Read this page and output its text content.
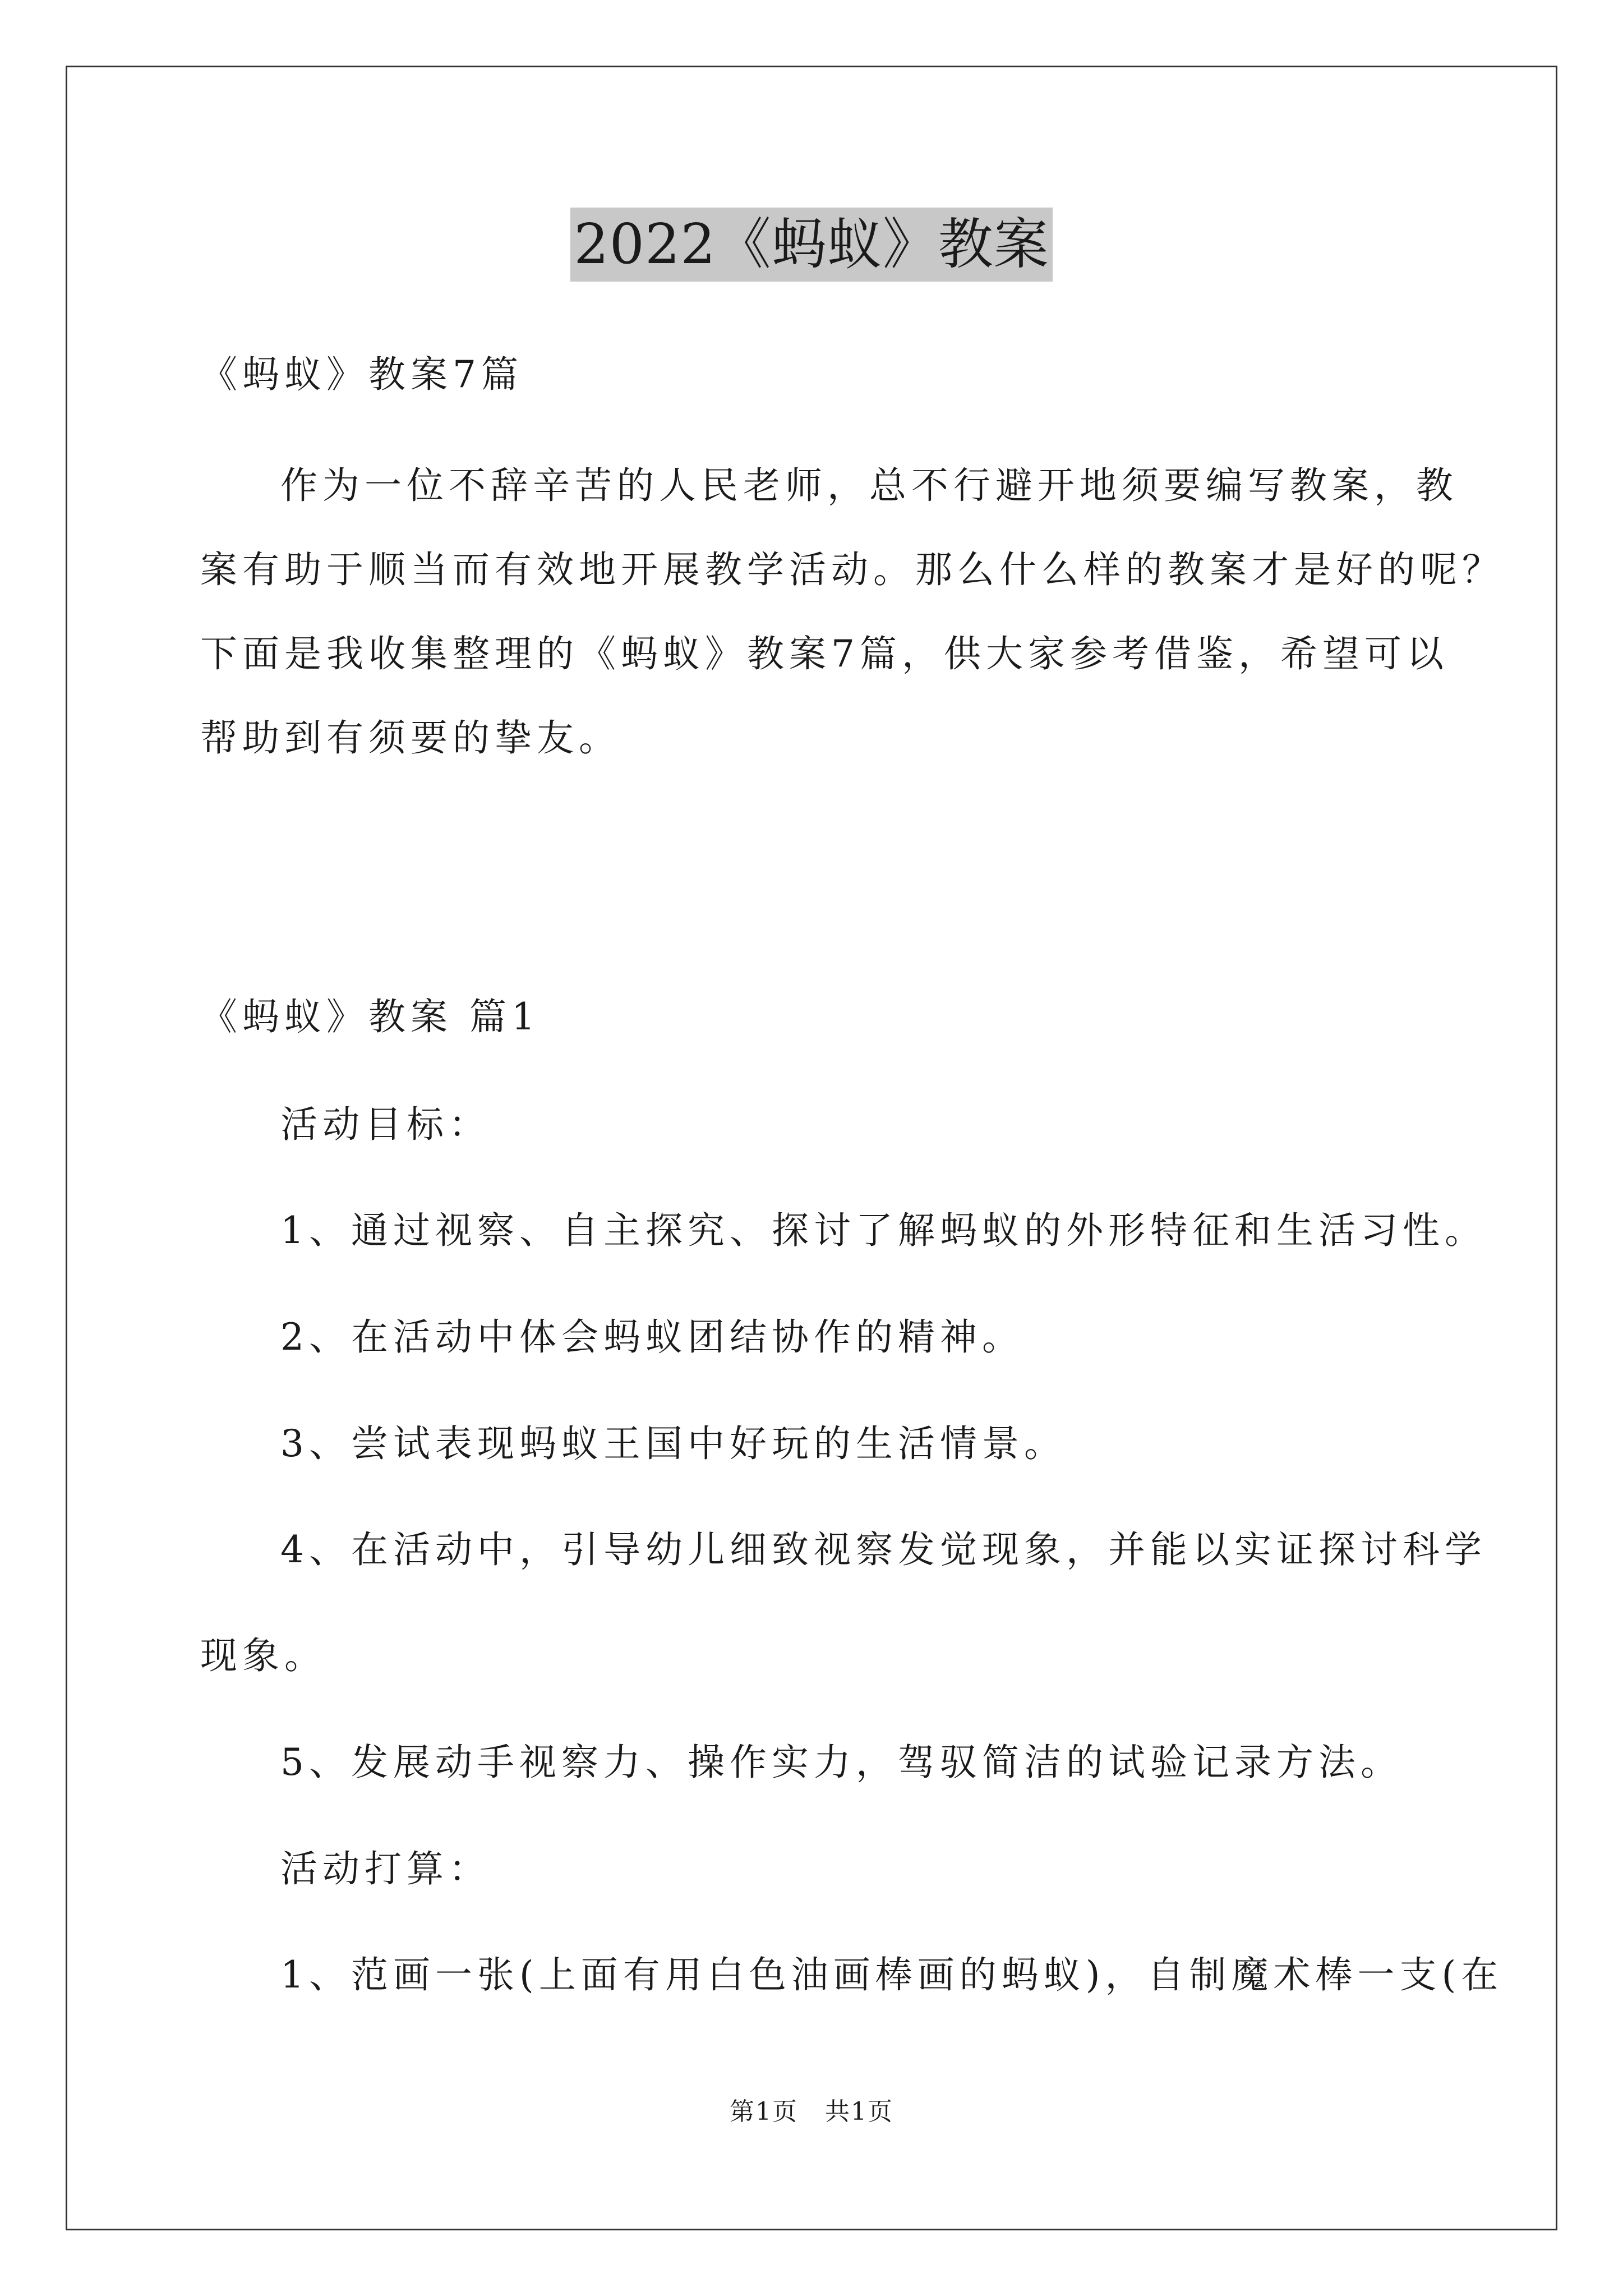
2022《蚂蚁》教案
《蚂蚁》教案7篇
作为一位不辞辛苦的人民老师，总不行避开地须要编写教案，教
案有助于顺当而有效地开展教学活动。那么什么样的教案才是好的呢？
下面是我收集整理的《蚂蚁》教案7篇，供大家参考借鉴，希望可以
帮助到有须要的挚友。
《蚂蚁》教案 篇1
活动目标：
1、通过视察、自主探究、探讨了解蚂蚁的外形特征和生活习性。
2、在活动中体会蚂蚁团结协作的精神。
3、尝试表现蚂蚁王国中好玩的生活情景。
4、在活动中，引导幼儿细致视察发觉现象，并能以实证探讨科学
现象。
5、发展动手视察力、操作实力，驾驭简洁的试验记录方法。
活动打算：
1、范画一张(上面有用白色油画棒画的蚂蚁)，自制魔术棒一支(在
第1页 共1页
